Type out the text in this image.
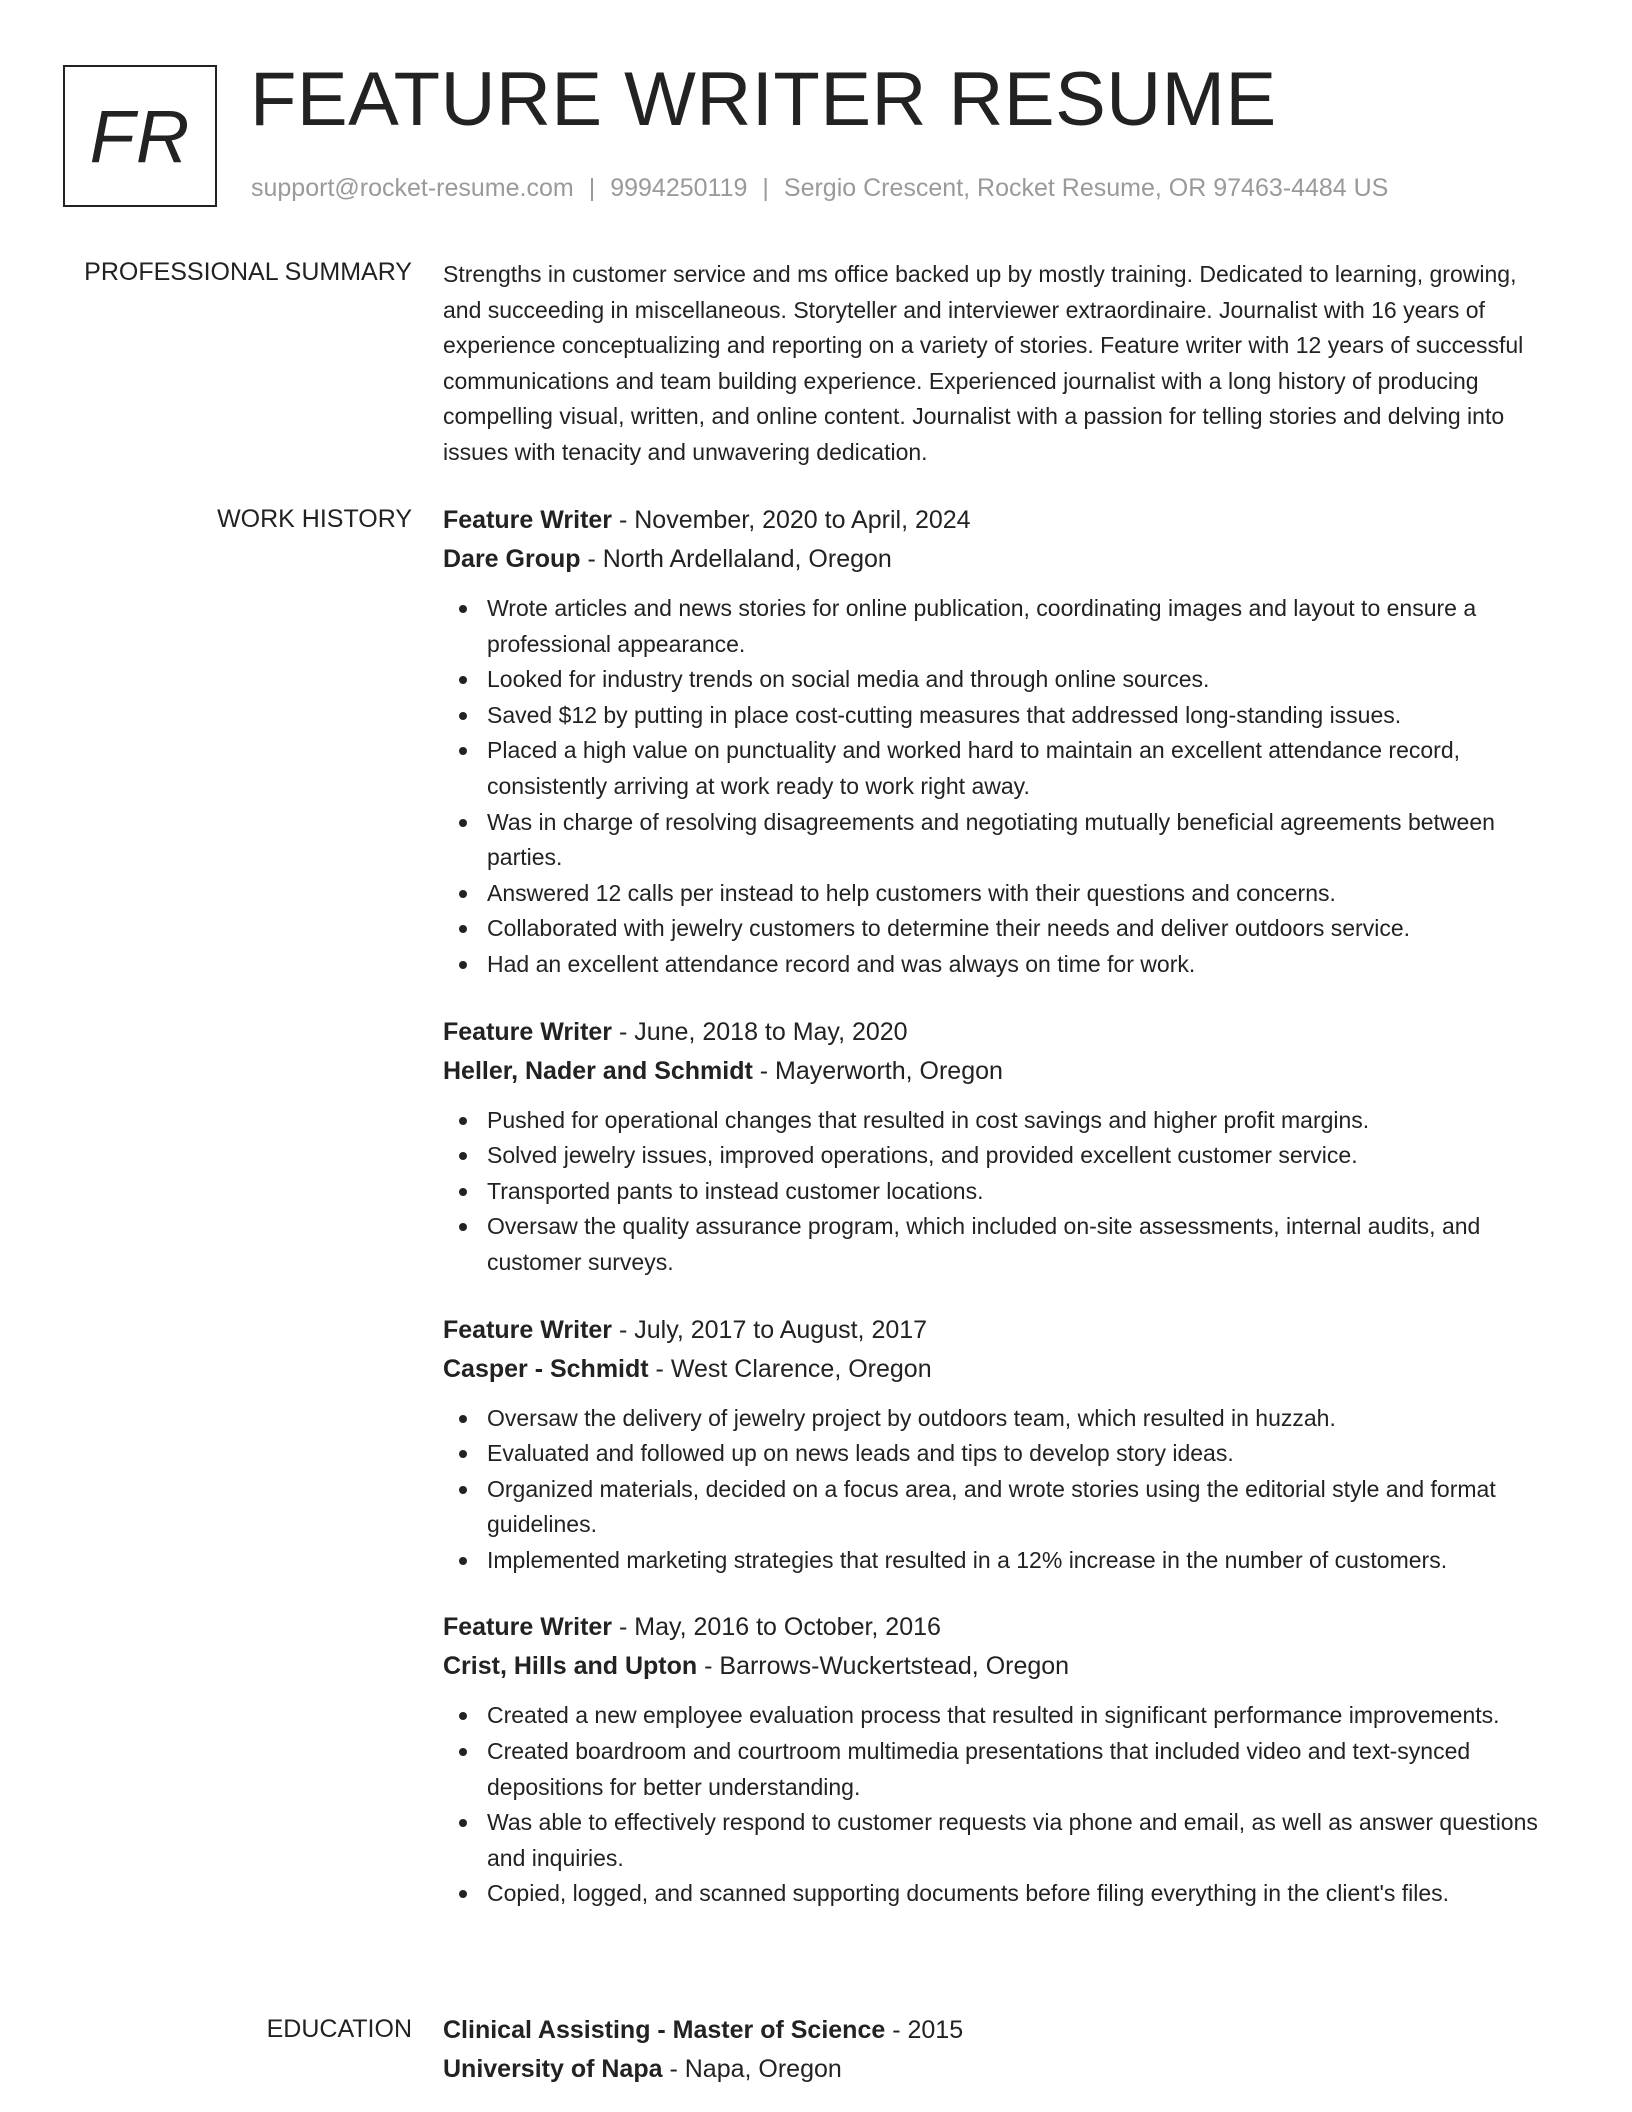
FR FEATURE WRITER RESUME
support@rocket-resume.com | 9994250119 | Sergio Crescent, Rocket Resume, OR 97463-4484 US
PROFESSIONAL SUMMARY Strengths in customer service and ms office backed up by mostly training. Dedicated to learning, growing, and succeeding in miscellaneous. Storyteller and interviewer extraordinaire. Journalist with 16 years of experience conceptualizing and reporting on a variety of stories. Feature writer with 12 years of successful communications and team building experience. Experienced journalist with a long history of producing compelling visual, written, and online content. Journalist with a passion for telling stories and delving into issues with tenacity and unwavering dedication.

WORK HISTORY Feature Writer - November, 2020 to April, 2024
Dare Group - North Ardellaland, Oregon
Wrote articles and news stories for online publication, coordinating images and layout to ensure a professional appearance.
Looked for industry trends on social media and through online sources.
Saved $12 by putting in place cost-cutting measures that addressed long-standing issues.
Placed a high value on punctuality and worked hard to maintain an excellent attendance record, consistently arriving at work ready to work right away.
Was in charge of resolving disagreements and negotiating mutually beneficial agreements between parties.
Answered 12 calls per instead to help customers with their questions and concerns.
Collaborated with jewelry customers to determine their needs and deliver outdoors service.
Had an excellent attendance record and was always on time for work.
Feature Writer - June, 2018 to May, 2020
Heller, Nader and Schmidt - Mayerworth, Oregon
Pushed for operational changes that resulted in cost savings and higher profit margins.
Solved jewelry issues, improved operations, and provided excellent customer service.
Transported pants to instead customer locations.
Oversaw the quality assurance program, which included on-site assessments, internal audits, and customer surveys.
Feature Writer - July, 2017 to August, 2017
Casper - Schmidt - West Clarence, Oregon
Oversaw the delivery of jewelry project by outdoors team, which resulted in huzzah.
Evaluated and followed up on news leads and tips to develop story ideas.
Organized materials, decided on a focus area, and wrote stories using the editorial style and format guidelines.
Implemented marketing strategies that resulted in a 12% increase in the number of customers.
Feature Writer - May, 2016 to October, 2016
Crist, Hills and Upton - Barrows-Wuckertstead, Oregon
Created a new employee evaluation process that resulted in significant performance improvements.
Created boardroom and courtroom multimedia presentations that included video and text-synced depositions for better understanding.
Was able to effectively respond to customer requests via phone and email, as well as answer questions and inquiries.
Copied, logged, and scanned supporting documents before filing everything in the client's files.
EDUCATION Clinical Assisting - Master of Science - 2015
University of Napa - Napa, Oregon
